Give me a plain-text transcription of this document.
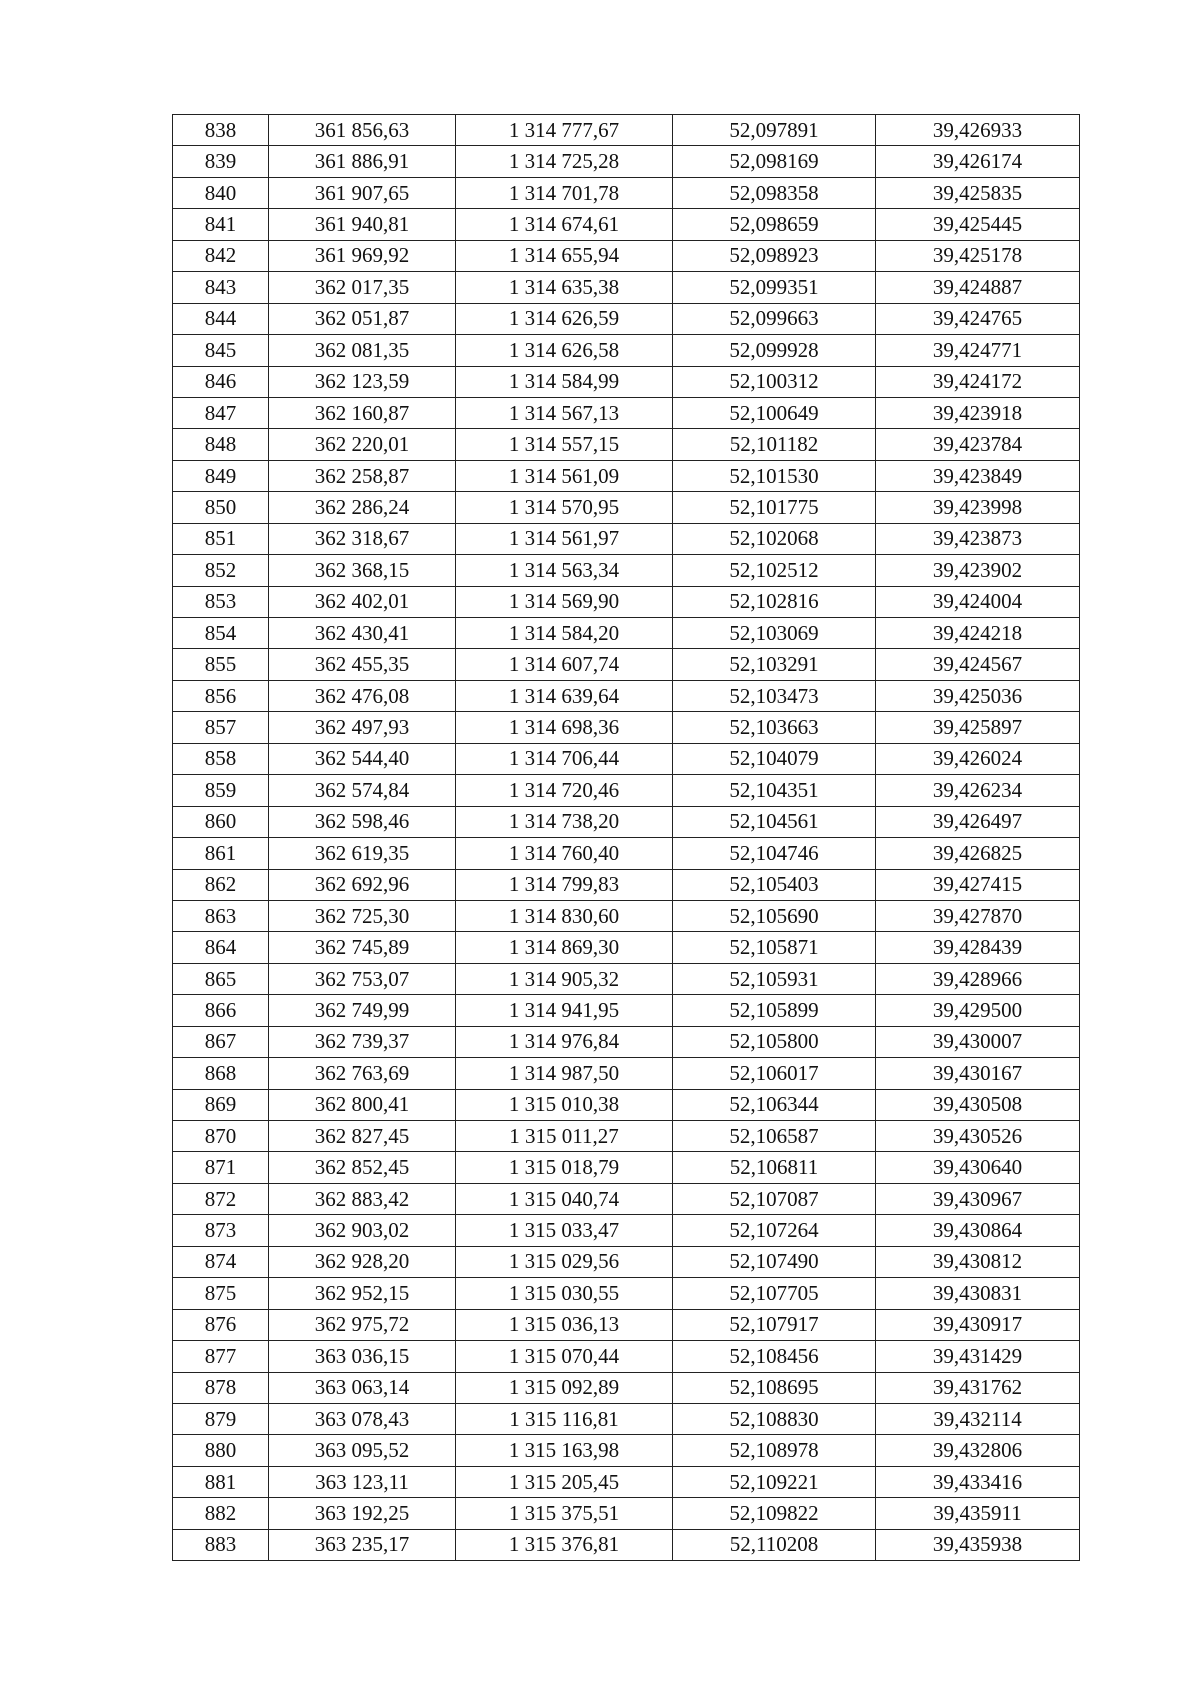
838	361 856,63	1 314 777,67	52,097891	39,426933
839	361 886,91	1 314 725,28	52,098169	39,426174
840	361 907,65	1 314 701,78	52,098358	39,425835
841	361 940,81	1 314 674,61	52,098659	39,425445
842	361 969,92	1 314 655,94	52,098923	39,425178
843	362 017,35	1 314 635,38	52,099351	39,424887
844	362 051,87	1 314 626,59	52,099663	39,424765
845	362 081,35	1 314 626,58	52,099928	39,424771
846	362 123,59	1 314 584,99	52,100312	39,424172
847	362 160,87	1 314 567,13	52,100649	39,423918
848	362 220,01	1 314 557,15	52,101182	39,423784
849	362 258,87	1 314 561,09	52,101530	39,423849
850	362 286,24	1 314 570,95	52,101775	39,423998
851	362 318,67	1 314 561,97	52,102068	39,423873
852	362 368,15	1 314 563,34	52,102512	39,423902
853	362 402,01	1 314 569,90	52,102816	39,424004
854	362 430,41	1 314 584,20	52,103069	39,424218
855	362 455,35	1 314 607,74	52,103291	39,424567
856	362 476,08	1 314 639,64	52,103473	39,425036
857	362 497,93	1 314 698,36	52,103663	39,425897
858	362 544,40	1 314 706,44	52,104079	39,426024
859	362 574,84	1 314 720,46	52,104351	39,426234
860	362 598,46	1 314 738,20	52,104561	39,426497
861	362 619,35	1 314 760,40	52,104746	39,426825
862	362 692,96	1 314 799,83	52,105403	39,427415
863	362 725,30	1 314 830,60	52,105690	39,427870
864	362 745,89	1 314 869,30	52,105871	39,428439
865	362 753,07	1 314 905,32	52,105931	39,428966
866	362 749,99	1 314 941,95	52,105899	39,429500
867	362 739,37	1 314 976,84	52,105800	39,430007
868	362 763,69	1 314 987,50	52,106017	39,430167
869	362 800,41	1 315 010,38	52,106344	39,430508
870	362 827,45	1 315 011,27	52,106587	39,430526
871	362 852,45	1 315 018,79	52,106811	39,430640
872	362 883,42	1 315 040,74	52,107087	39,430967
873	362 903,02	1 315 033,47	52,107264	39,430864
874	362 928,20	1 315 029,56	52,107490	39,430812
875	362 952,15	1 315 030,55	52,107705	39,430831
876	362 975,72	1 315 036,13	52,107917	39,430917
877	363 036,15	1 315 070,44	52,108456	39,431429
878	363 063,14	1 315 092,89	52,108695	39,431762
879	363 078,43	1 315 116,81	52,108830	39,432114
880	363 095,52	1 315 163,98	52,108978	39,432806
881	363 123,11	1 315 205,45	52,109221	39,433416
882	363 192,25	1 315 375,51	52,109822	39,435911
883	363 235,17	1 315 376,81	52,110208	39,435938
